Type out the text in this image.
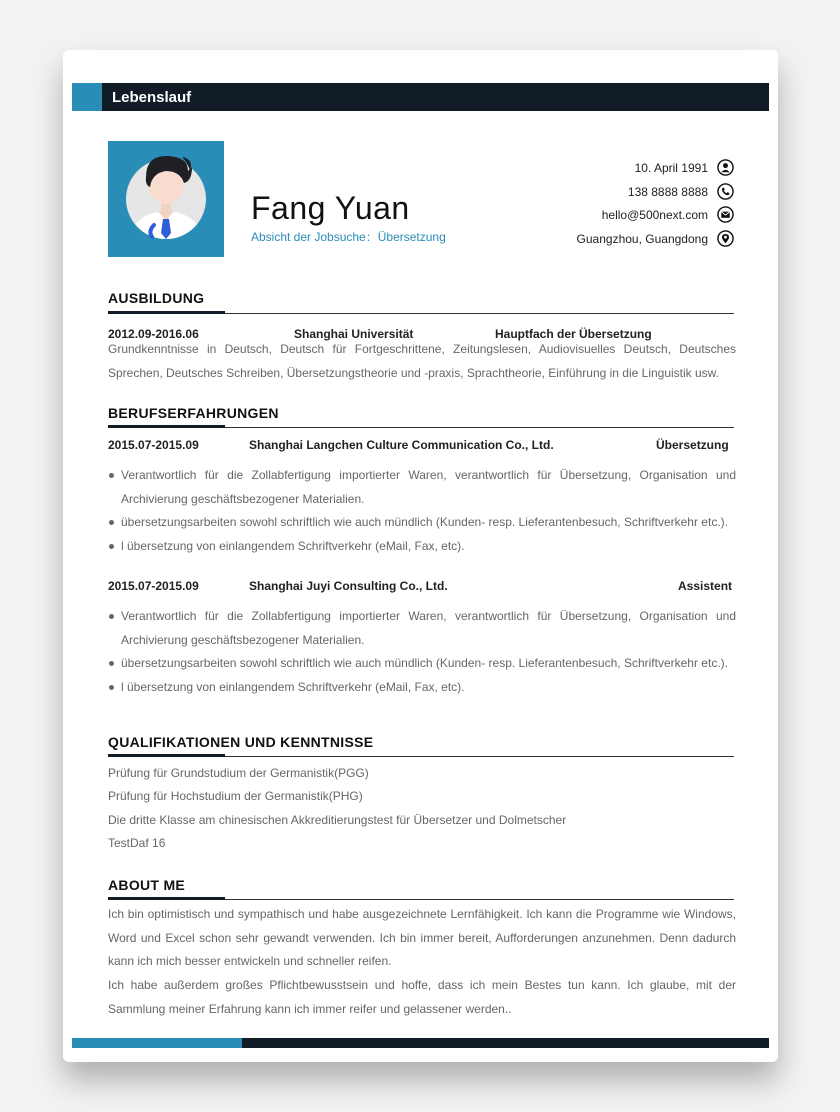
Lebenslauf
Fang Yuan
Absicht der Jobsuche：Übersetzung
10. April 1991
138 8888 8888
hello@500next.com
Guangzhou, Guangdong
AUSBILDUNG
2012.09-2016.06	Shanghai Universität	Hauptfach der Übersetzung
Grundkenntnisse in Deutsch, Deutsch für Fortgeschrittene, Zeitungslesen, Audiovisuelles Deutsch, Deutsches Sprechen, Deutsches Schreiben, Übersetzungstheorie und -praxis, Sprachtheorie, Einführung in die Linguistik usw.
BERUFSERFAHRUNGEN
2015.07-2015.09	Shanghai Langchen Culture Communication Co., Ltd.	Übersetzung
Verantwortlich für die Zollabfertigung importierter Waren, verantwortlich für Übersetzung, Organisation und Archivierung geschäftsbezogener Materialien.
übersetzungsarbeiten sowohl schriftlich wie auch mündlich (Kunden- resp. Lieferantenbesuch, Schriftverkehr etc.).
l übersetzung von einlangendem Schriftverkehr (eMail, Fax, etc).
2015.07-2015.09	Shanghai Juyi Consulting Co., Ltd.	Assistent
Verantwortlich für die Zollabfertigung importierter Waren, verantwortlich für Übersetzung, Organisation und Archivierung geschäftsbezogener Materialien.
übersetzungsarbeiten sowohl schriftlich wie auch mündlich (Kunden- resp. Lieferantenbesuch, Schriftverkehr etc.).
l übersetzung von einlangendem Schriftverkehr (eMail, Fax, etc).
QUALIFIKATIONEN UND KENNTNISSE
Prüfung für Grundstudium der Germanistik(PGG)
Prüfung für Hochstudium der Germanistik(PHG)
Die dritte Klasse am chinesischen Akkreditierungstest für Übersetzer und Dolmetscher
TestDaf 16
ABOUT ME
Ich bin optimistisch und sympathisch und habe ausgezeichnete Lernfähigkeit. Ich kann die Programme wie Windows, Word und Excel schon sehr gewandt verwenden. Ich bin immer bereit, Aufforderungen anzunehmen. Denn dadurch kann ich mich besser entwickeln und schneller reifen.
Ich habe außerdem großes Pflichtbewusstsein und hoffe, dass ich mein Bestes tun kann. Ich glaube, mit der Sammlung meiner Erfahrung kann ich immer reifer und gelassener werden..
